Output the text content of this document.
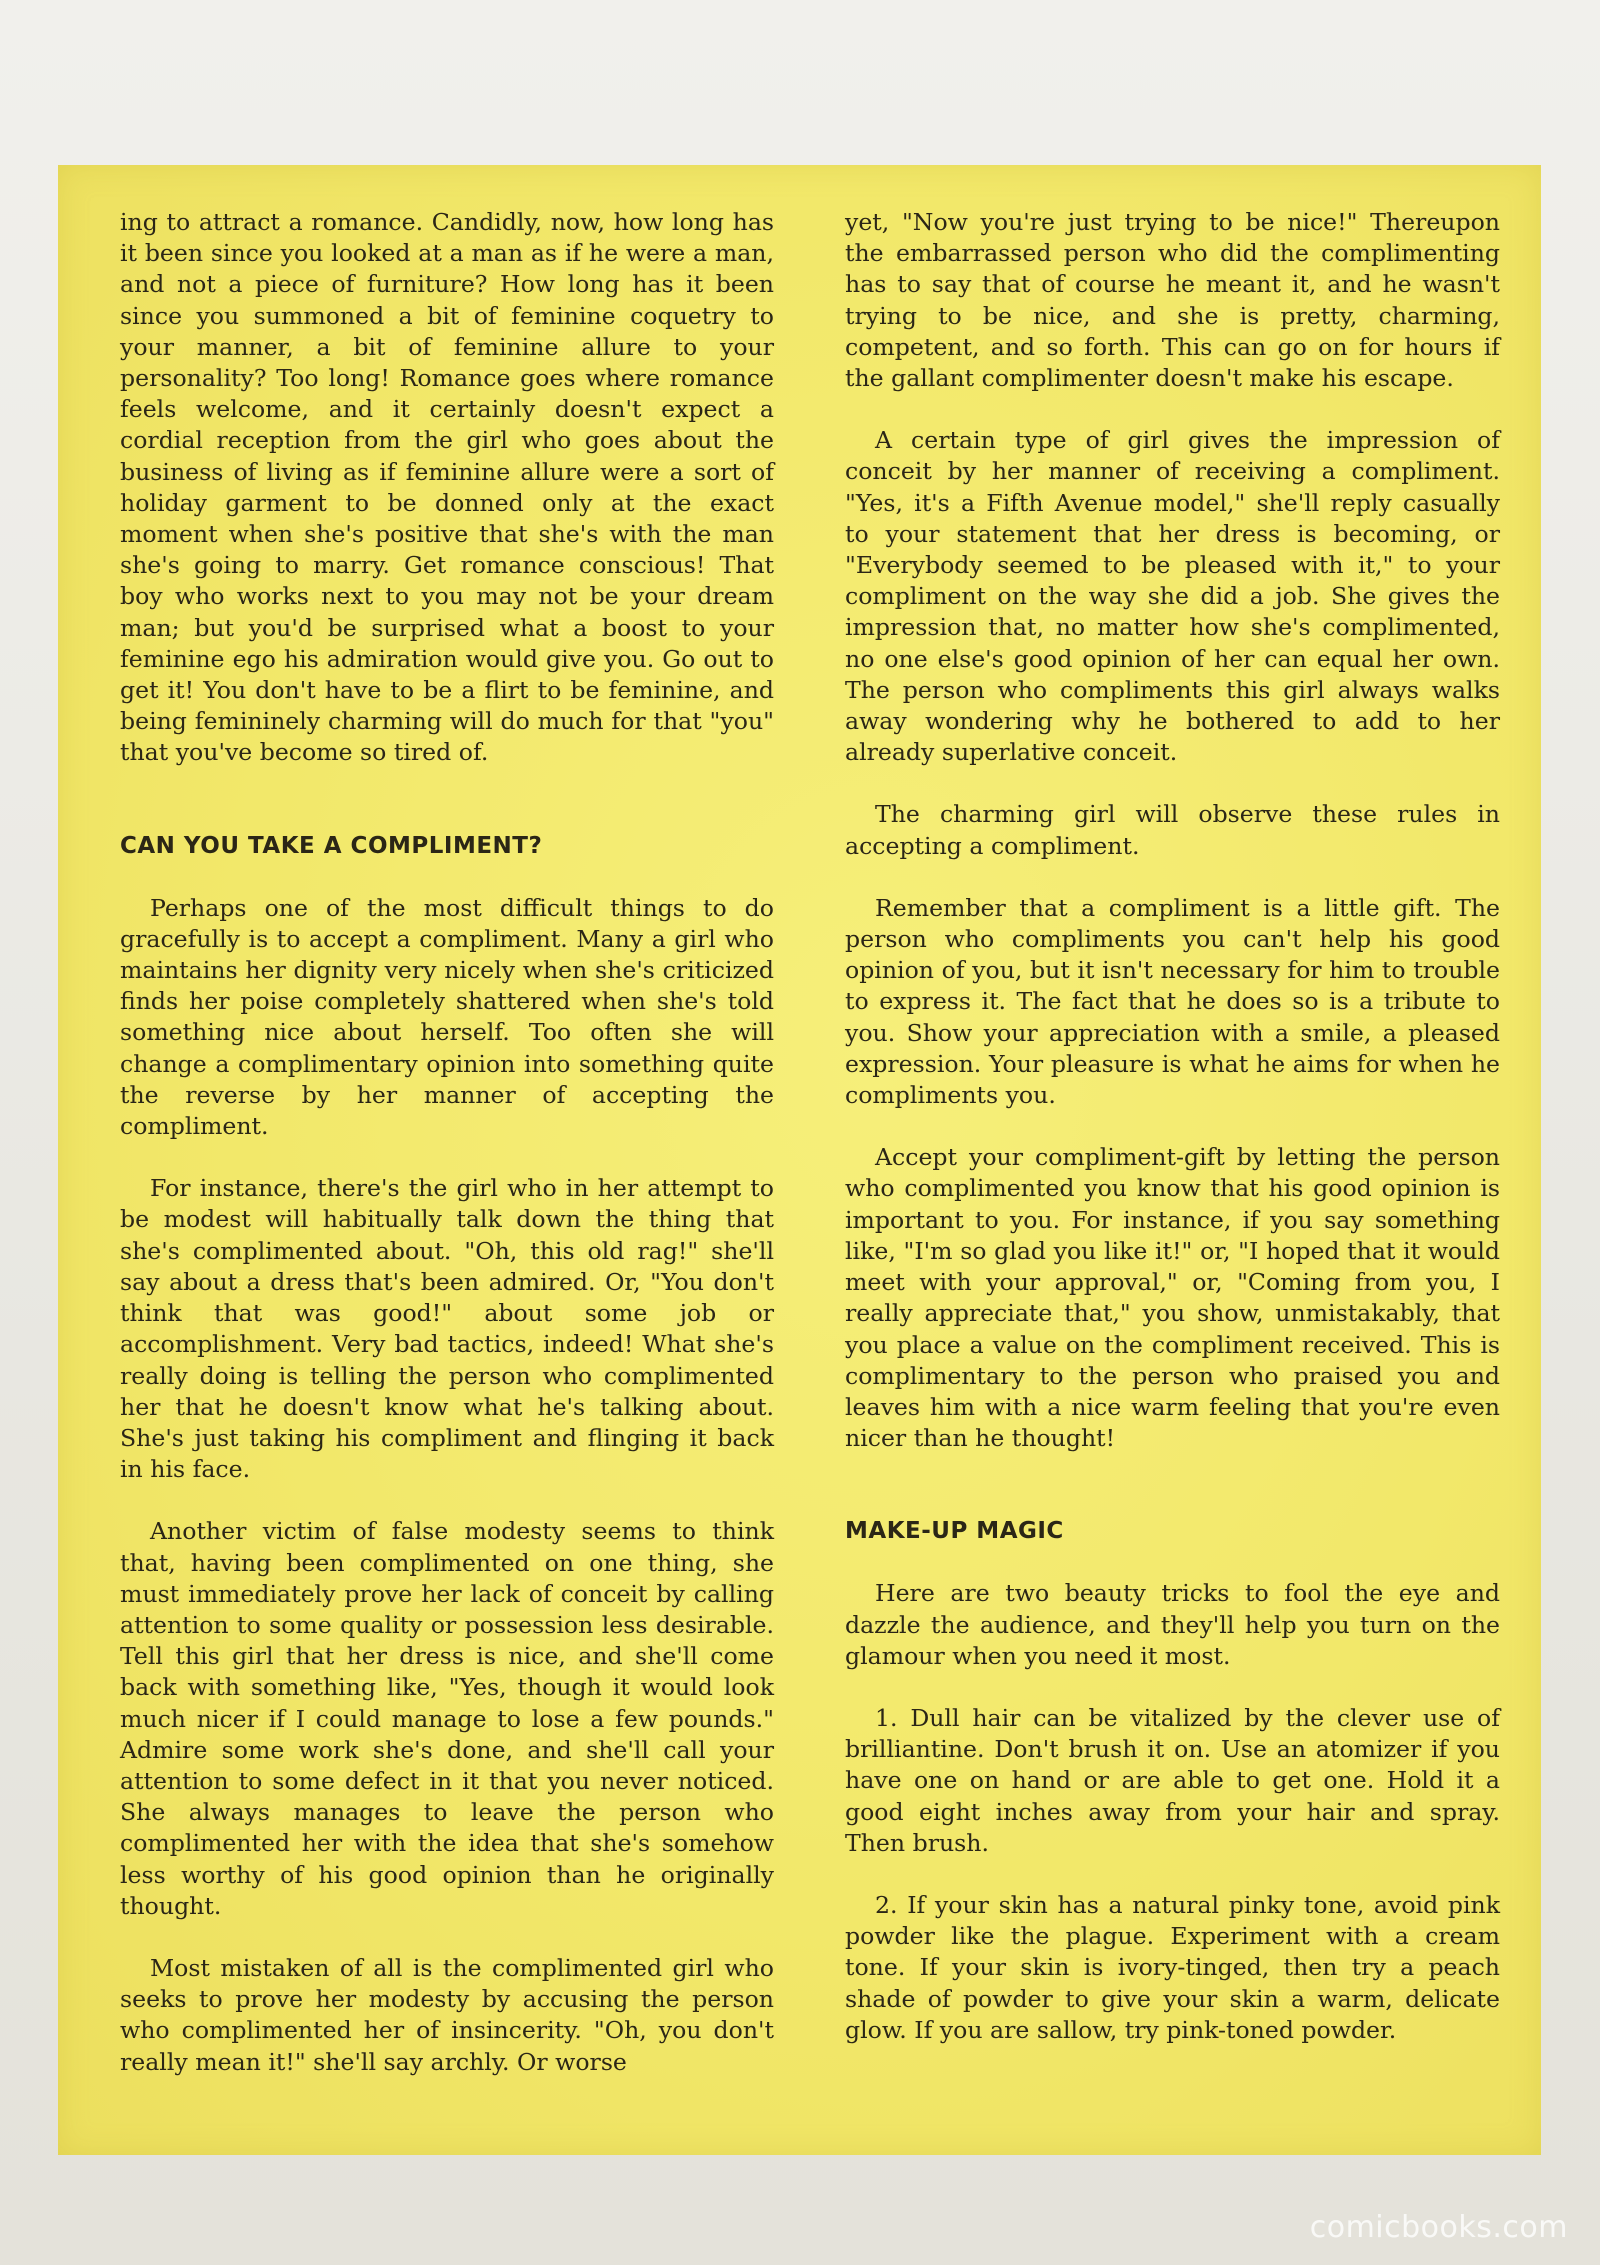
ing to attract a romance. Candidly, now, how long has it been since you looked at a man as if he were a man, and not a piece of furniture? How long has it been since you summoned a bit of feminine coquetry to your manner, a bit of feminine allure to your personality? Too long! Romance goes where romance feels welcome, and it certainly doesn't expect a cordial reception from the girl who goes about the business of living as if feminine allure were a sort of holiday garment to be donned only at the exact moment when she's positive that she's with the man she's going to marry. Get romance conscious! That boy who works next to you may not be your dream man; but you'd be surprised what a boost to your feminine ego his admiration would give you. Go out to get it! You don't have to be a flirt to be feminine, and being femininely charming will do much for that "you" that you've become so tired of.

CAN YOU TAKE A COMPLIMENT?

Perhaps one of the most difficult things to do gracefully is to accept a compliment. Many a girl who maintains her dignity very nicely when she's criticized finds her poise completely shattered when she's told something nice about herself. Too often she will change a complimentary opinion into something quite the reverse by her manner of accepting the compliment.

For instance, there's the girl who in her attempt to be modest will habitually talk down the thing that she's complimented about. "Oh, this old rag!" she'll say about a dress that's been admired. Or, "You don't think that was good!" about some job or accomplishment. Very bad tactics, indeed! What she's really doing is telling the person who complimented her that he doesn't know what he's talking about. She's just taking his compliment and flinging it back in his face.

Another victim of false modesty seems to think that, having been complimented on one thing, she must immediately prove her lack of conceit by calling attention to some quality or possession less desirable. Tell this girl that her dress is nice, and she'll come back with something like, "Yes, though it would look much nicer if I could manage to lose a few pounds." Admire some work she's done, and she'll call your attention to some defect in it that you never noticed. She always manages to leave the person who complimented her with the idea that she's somehow less worthy of his good opinion than he originally thought.

Most mistaken of all is the complimented girl who seeks to prove her modesty by accusing the person who complimented her of insincerity. "Oh, you don't really mean it!" she'll say archly. Or worse

yet, "Now you're just trying to be nice!" Thereupon the embarrassed person who did the complimenting has to say that of course he meant it, and he wasn't trying to be nice, and she is pretty, charming, competent, and so forth. This can go on for hours if the gallant complimenter doesn't make his escape.

A certain type of girl gives the impression of conceit by her manner of receiving a compliment. "Yes, it's a Fifth Avenue model," she'll reply casually to your statement that her dress is becoming, or "Everybody seemed to be pleased with it," to your compliment on the way she did a job. She gives the impression that, no matter how she's complimented, no one else's good opinion of her can equal her own. The person who compliments this girl always walks away wondering why he bothered to add to her already superlative conceit.

The charming girl will observe these rules in accepting a compliment.

Remember that a compliment is a little gift. The person who compliments you can't help his good opinion of you, but it isn't necessary for him to trouble to express it. The fact that he does so is a tribute to you. Show your appreciation with a smile, a pleased expression. Your pleasure is what he aims for when he compliments you.

Accept your compliment-gift by letting the person who complimented you know that his good opinion is important to you. For instance, if you say something like, "I'm so glad you like it!" or, "I hoped that it would meet with your approval," or, "Coming from you, I really appreciate that," you show, unmistakably, that you place a value on the compliment received. This is complimentary to the person who praised you and leaves him with a nice warm feeling that you're even nicer than he thought!

MAKE-UP MAGIC

Here are two beauty tricks to fool the eye and dazzle the audience, and they'll help you turn on the glamour when you need it most.

1. Dull hair can be vitalized by the clever use of brilliantine. Don't brush it on. Use an atomizer if you have one on hand or are able to get one. Hold it a good eight inches away from your hair and spray. Then brush.

2. If your skin has a natural pinky tone, avoid pink powder like the plague. Experiment with a cream tone. If your skin is ivory-tinged, then try a peach shade of powder to give your skin a warm, delicate glow. If you are sallow, try pink-toned powder.

comicbooks.com
